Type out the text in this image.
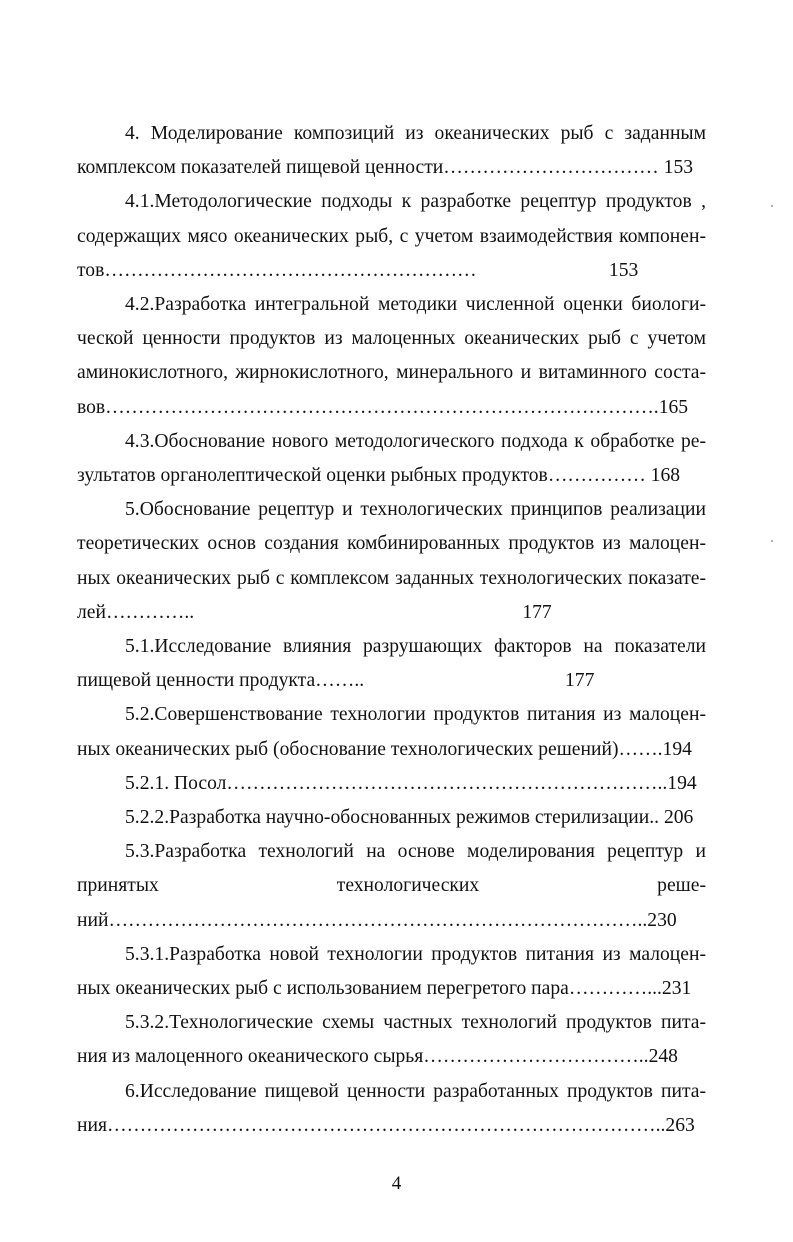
4. Моделирование композиций из океанических рыб с заданным
комплексом показателей пищевой ценности…………………………… 153

4.1.Методологические подходы к разработке рецептур продуктов ,
содержащих мясо океанических рыб, с учетом взаимодействия компонен-
тов…………………………………………………                           153

4.2.Разработка интегральной методики численной оценки биологи-
ческой ценности продуктов из малоценных океанических рыб с учетом
аминокислотного, жирнокислотного, минерального и витаминного соста-
вов………………………………………………………………………….165

4.3.Обоснование нового методологического подхода к обработке ре-
зультатов органолептической оценки рыбных продуктов…………… 168

5.Обоснование рецептур и технологических принципов реализации
теоретических основ создания комбинированных продуктов из малоцен-
ных океанических рыб с комплексом заданных технологических показате-
лей…………..                                                                   177

5.1.Исследование влияния разрушающих факторов на показатели
пищевой ценности продукта……..                                         177

5.2.Совершенствование технологии продуктов питания из малоцен-
ных океанических рыб (обоснование технологических решений)…….194

5.2.1. Посол…………………………………………………………..194

5.2.2.Разработка научно-обоснованных режимов стерилизации.. 206

5.3.Разработка технологий на основе моделирования рецептур и
принятых технологических реше-
ний………………………………………………………………………..230

5.3.1.Разработка новой технологии продуктов питания из малоцен-
ных океанических рыб с использованием перегретого пара…………...231

5.3.2.Технологические схемы частных технологий продуктов пита-
ния из малоценного океанического сырья……………………………..248

6.Исследование пищевой ценности разработанных продуктов пита-
ния…………………………………………………………………………..263

4
